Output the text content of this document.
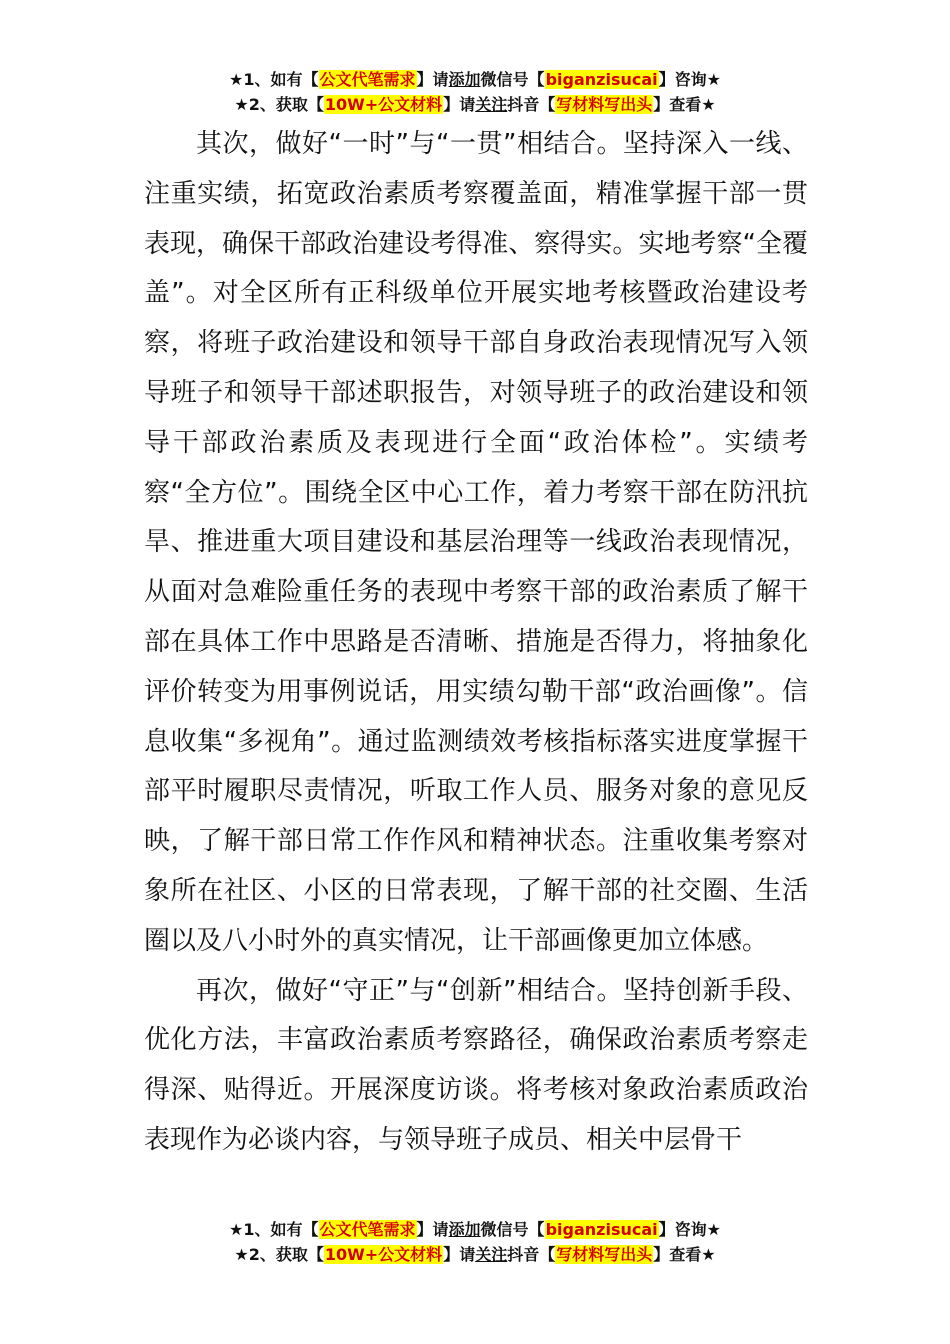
★1、如有【公文代笔需求】请添加微信号【biganzisucai】咨询★
★2、获取【10W+公文材料】请关注抖音【写材料写出头】查看★

其次，做好“一时”与“一贯”相结合。坚持深入一线、注重实绩，拓宽政治素质考察覆盖面，精准掌握干部一贯表现，确保干部政治建设考得准、察得实。实地考察“全覆盖”。对全区所有正科级单位开展实地考核暨政治建设考察，将班子政治建设和领导干部自身政治表现情况写入领导班子和领导干部述职报告，对领导班子的政治建设和领导干部政治素质及表现进行全面“政治体检”。实绩考察“全方位”。围绕全区中心工作，着力考察干部在防汛抗旱、推进重大项目建设和基层治理等一线政治表现情况，从面对急难险重任务的表现中考察干部的政治素质了解干部在具体工作中思路是否清晰、措施是否得力，将抽象化评价转变为用事例说话，用实绩勾勒干部“政治画像”。信息收集“多视角”。通过监测绩效考核指标落实进度掌握干部平时履职尽责情况，听取工作人员、服务对象的意见反映，了解干部日常工作作风和精神状态。注重收集考察对象所在社区、小区的日常表现，了解干部的社交圈、生活圈以及八小时外的真实情况，让干部画像更加立体感。

再次，做好“守正”与“创新”相结合。坚持创新手段、优化方法，丰富政治素质考察路径，确保政治素质考察走得深、贴得近。开展深度访谈。将考核对象政治素质政治表现作为必谈内容，与领导班子成员、相关中层骨干

★1、如有【公文代笔需求】请添加微信号【biganzisucai】咨询★
★2、获取【10W+公文材料】请关注抖音【写材料写出头】查看★
